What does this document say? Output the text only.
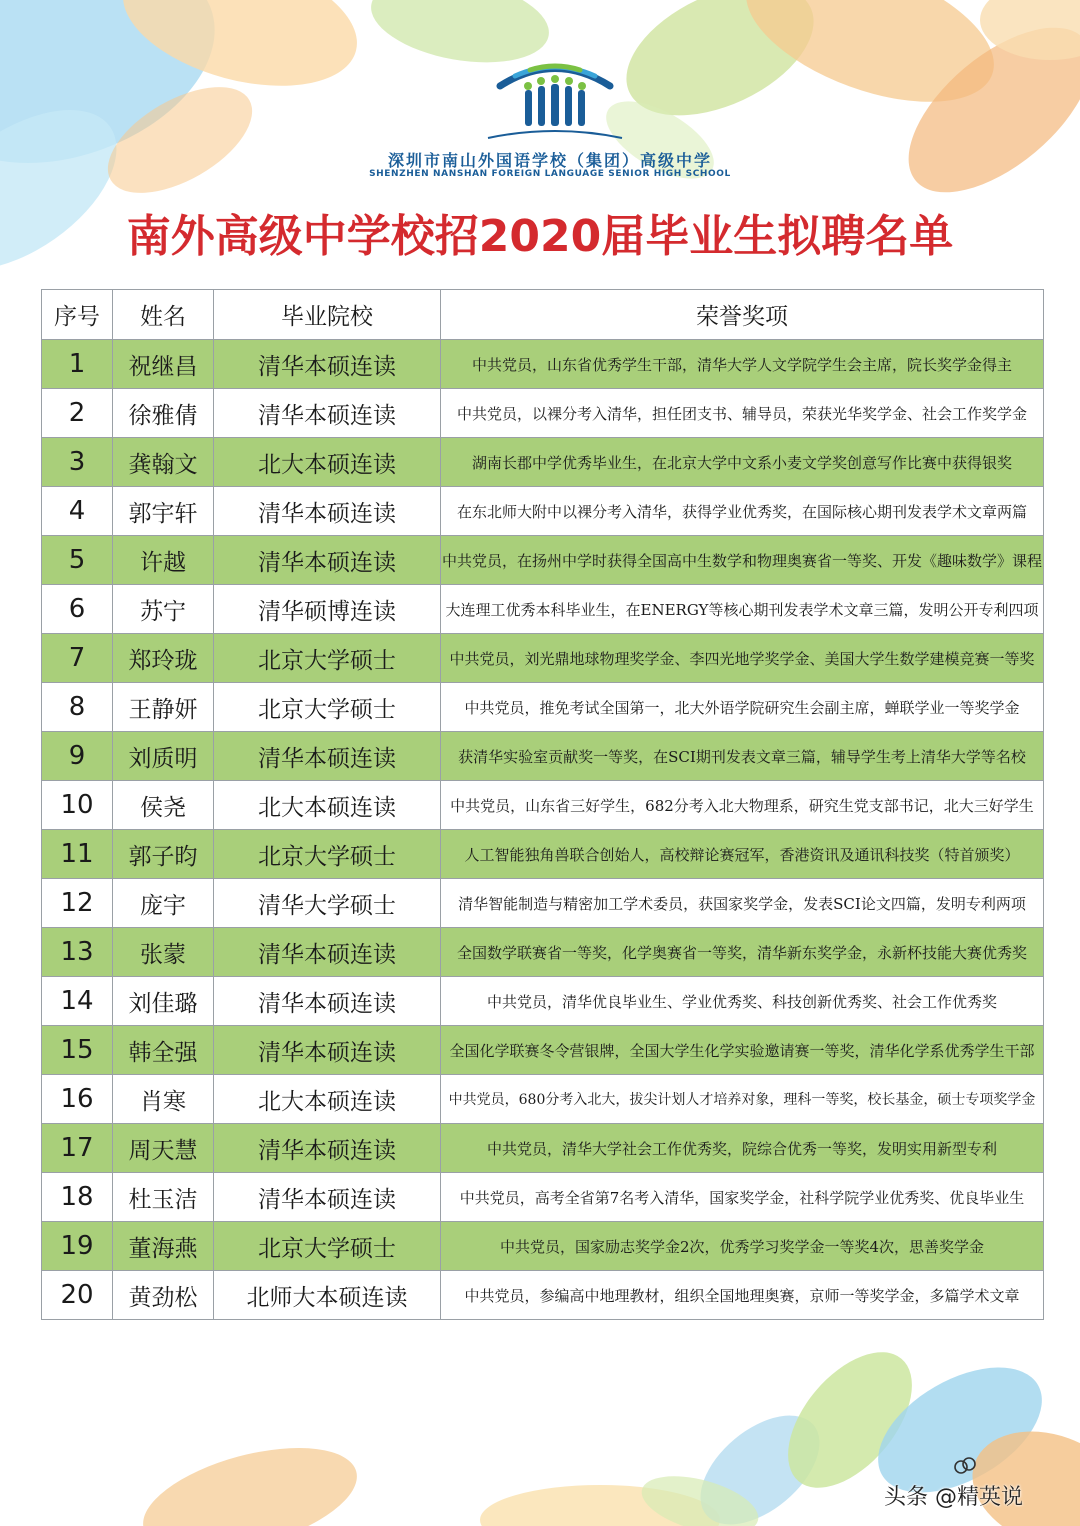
深圳市南山外国语学校（集团）高级中学
SHENZHEN NANSHAN FOREIGN LANGUAGE SENIOR HIGH SCHOOL
南外高级中学校招2020届毕业生拟聘名单
序号	姓名	毕业院校	荣誉奖项
1	祝继昌	清华本硕连读	中共党员，山东省优秀学生干部，清华大学人文学院学生会主席，院长奖学金得主
2	徐雅倩	清华本硕连读	中共党员，以裸分考入清华，担任团支书、辅导员，荣获光华奖学金、社会工作奖学金
3	龚翰文	北大本硕连读	湖南长郡中学优秀毕业生，在北京大学中文系小麦文学奖创意写作比赛中获得银奖
4	郭宇轩	清华本硕连读	在东北师大附中以裸分考入清华，获得学业优秀奖，在国际核心期刊发表学术文章两篇
5	许越	清华本硕连读	中共党员，在扬州中学时获得全国高中生数学和物理奥赛省一等奖、开发《趣味数学》课程
6	苏宁	清华硕博连读	大连理工优秀本科毕业生，在ENERGY等核心期刊发表学术文章三篇，发明公开专利四项
7	郑玲珑	北京大学硕士	中共党员，刘光鼎地球物理奖学金、李四光地学奖学金、美国大学生数学建模竞赛一等奖
8	王静妍	北京大学硕士	中共党员，推免考试全国第一，北大外语学院研究生会副主席，蝉联学业一等奖学金
9	刘质明	清华本硕连读	获清华实验室贡献奖一等奖，在SCI期刊发表文章三篇，辅导学生考上清华大学等名校
10	侯尧	北大本硕连读	中共党员，山东省三好学生，682分考入北大物理系，研究生党支部书记，北大三好学生
11	郭子昀	北京大学硕士	人工智能独角兽联合创始人，高校辩论赛冠军，香港资讯及通讯科技奖（特首颁奖）
12	庞宇	清华大学硕士	清华智能制造与精密加工学术委员，获国家奖学金，发表SCI论文四篇，发明专利两项
13	张蒙	清华本硕连读	全国数学联赛省一等奖，化学奥赛省一等奖，清华新东奖学金，永新杯技能大赛优秀奖
14	刘佳璐	清华本硕连读	中共党员，清华优良毕业生、学业优秀奖、科技创新优秀奖、社会工作优秀奖
15	韩全强	清华本硕连读	全国化学联赛冬令营银牌，全国大学生化学实验邀请赛一等奖，清华化学系优秀学生干部
16	肖寒	北大本硕连读	中共党员，680分考入北大，拔尖计划人才培养对象，理科一等奖，校长基金，硕士专项奖学金
17	周天慧	清华本硕连读	中共党员，清华大学社会工作优秀奖，院综合优秀一等奖，发明实用新型专利
18	杜玉洁	清华本硕连读	中共党员，高考全省第7名考入清华，国家奖学金，社科学院学业优秀奖、优良毕业生
19	董海燕	北京大学硕士	中共党员，国家励志奖学金2次，优秀学习奖学金一等奖4次，思善奖学金
20	黄劲松	北师大本硕连读	中共党员，参编高中地理教材，组织全国地理奥赛，京师一等奖学金，多篇学术文章
头条 @精英说
